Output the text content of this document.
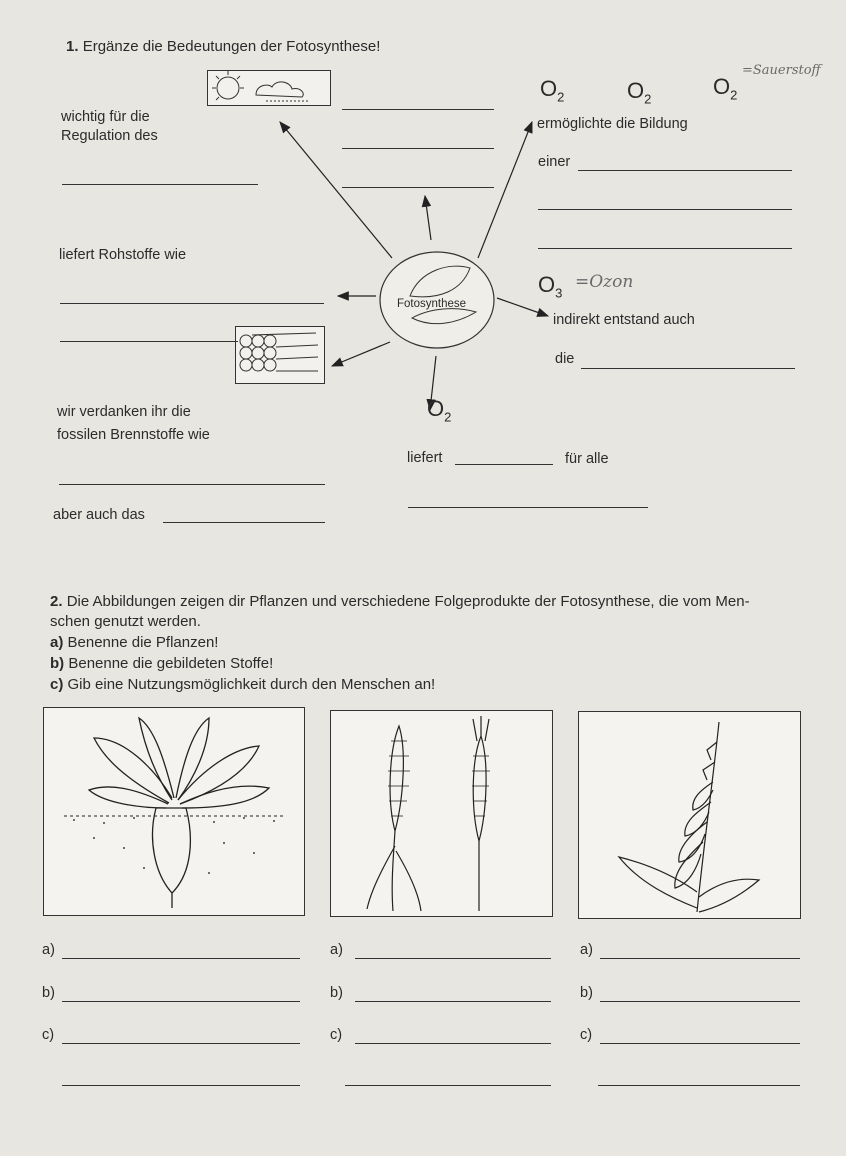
1. Ergänze die Bedeutungen der Fotosynthese!
Fotosynthese
wichtig für die
Regulation des
liefert Rohstoffe wie
wir verdanken ihr die
fossilen Brennstoffe wie
aber auch das
$O_2$	$O_2$	$O_2$
=Sauerstoff
ermöglichte die Bildung
einer
$O_3$
=Ozon
indirekt entstand auch
die
$O_2$
liefert	für alle
2. Die Abbildungen zeigen dir Pflanzen und verschiedene Folgeprodukte der Fotosynthese, die vom Men-
schen genutzt werden.
a) Benenne die Pflanzen!
b) Benenne die gebildeten Stoffe!
c) Gib eine Nutzungsmöglichkeit durch den Menschen an!
a)	a)	a)
b)	b)	b)
c)	c)	c)
